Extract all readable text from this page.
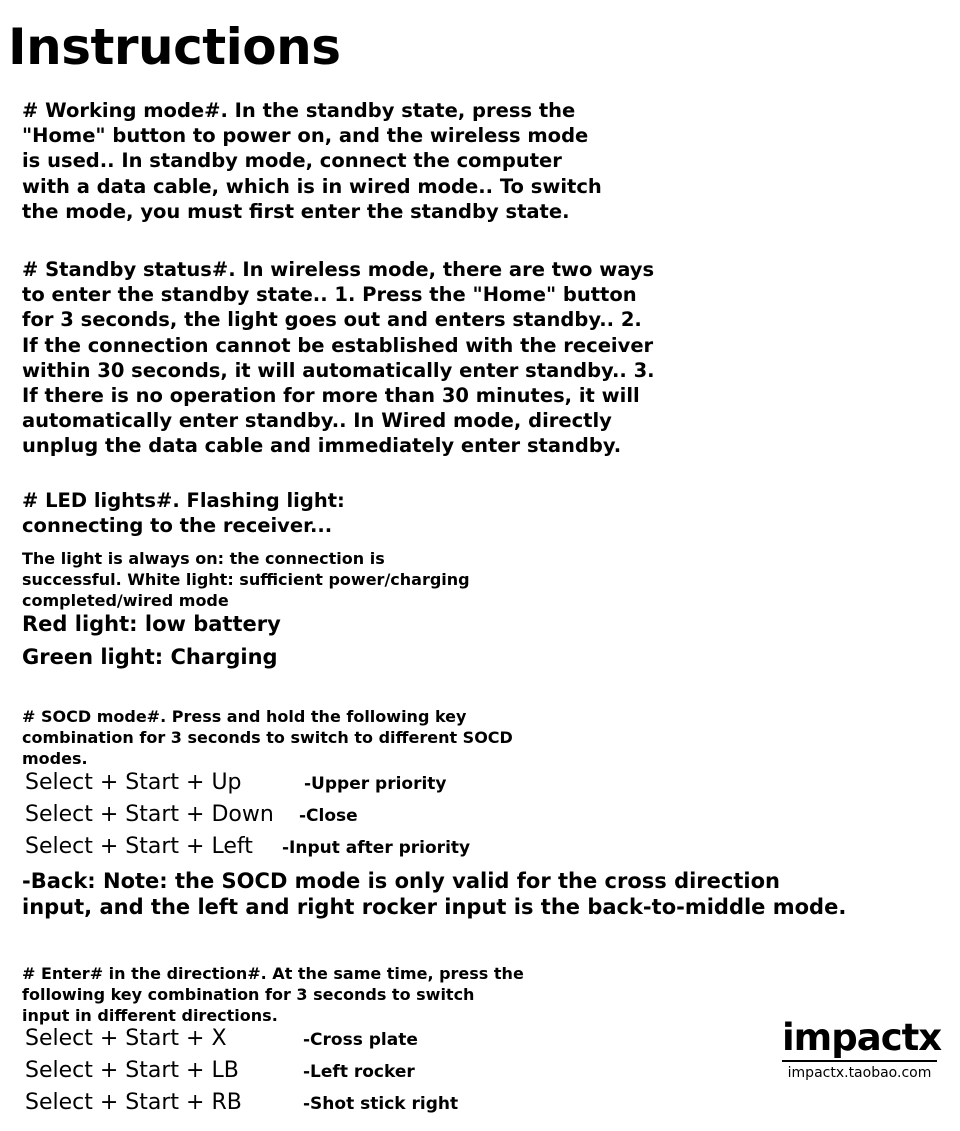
Instructions
# Working mode#. In the standby state, press the
"Home" button to power on, and the wireless mode
is used.. In standby mode, connect the computer
with a data cable, which is in wired mode.. To switch
the mode, you must first enter the standby state.
# Standby status#. In wireless mode, there are two ways
to enter the standby state.. 1. Press the "Home" button
for 3 seconds, the light goes out and enters standby.. 2.
If the connection cannot be established with the receiver
within 30 seconds, it will automatically enter standby.. 3.
If there is no operation for more than 30 minutes, it will
automatically enter standby.. In Wired mode, directly
unplug the data cable and immediately enter standby.
# LED lights#. Flashing light:
connecting to the receiver...
The light is always on: the connection is
successful. White light: sufficient power/charging
completed/wired mode
Red light: low battery
Green light: Charging
# SOCD mode#. Press and hold the following key
combination for 3 seconds to switch to different SOCD
modes.
Select + Start + Up	-Upper priority
Select + Start + Down -Close
Select + Start + Left -Input after priority
-Back: Note: the SOCD mode is only valid for the cross direction
input, and the left and right rocker input is the back-to-middle mode.
# Enter# in the direction#. At the same time, press the
following key combination for 3 seconds to switch
input in different directions.
Select + Start + X	-Cross plate
Select + Start + LB	-Left rocker
Select + Start + RB	-Shot stick right
impactx
impactx.taobao.com
